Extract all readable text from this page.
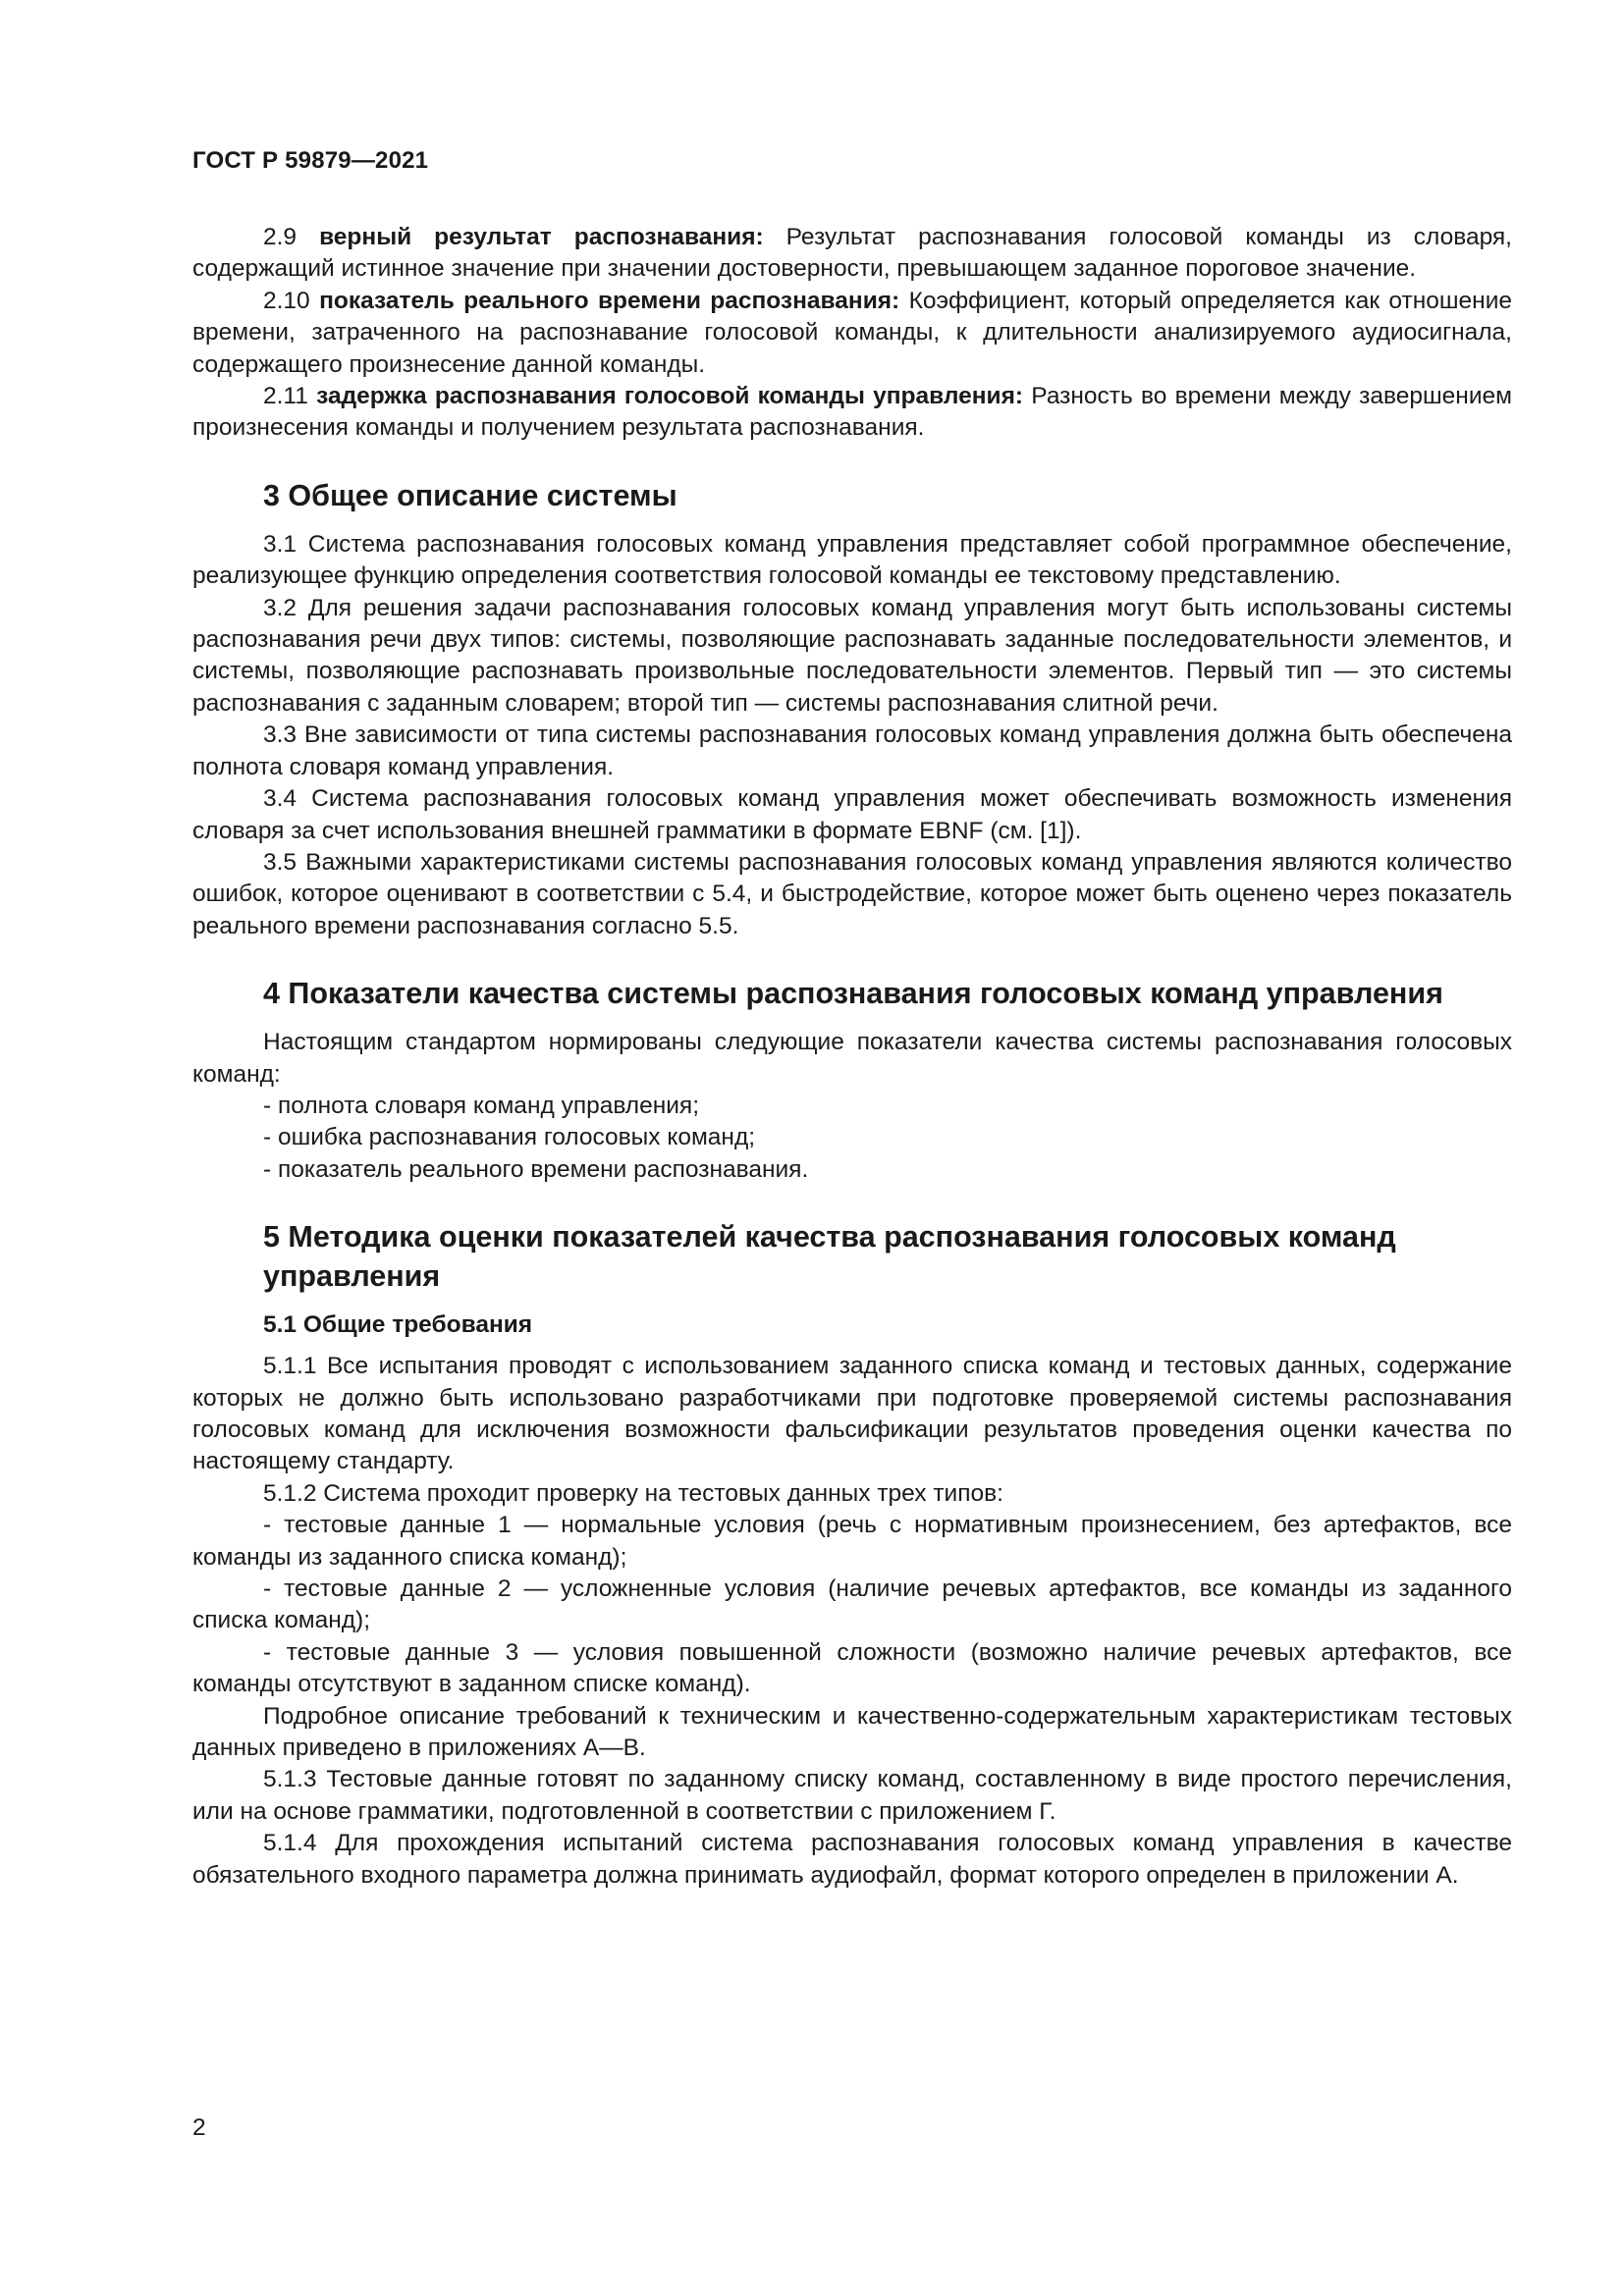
ГОСТ Р 59879—2021

2.9 верный результат распознавания: Результат распознавания голосовой команды из словаря, содержащий истинное значение при значении достоверности, превышающем заданное пороговое значение.

2.10 показатель реального времени распознавания: Коэффициент, который определяется как отношение времени, затраченного на распознавание голосовой команды, к длительности анализируемого аудиосигнала, содержащего произнесение данной команды.

2.11 задержка распознавания голосовой команды управления: Разность во времени между завершением произнесения команды и получением результата распознавания.

3 Общее описание системы

3.1 Система распознавания голосовых команд управления представляет собой программное обеспечение, реализующее функцию определения соответствия голосовой команды ее текстовому представлению.

3.2 Для решения задачи распознавания голосовых команд управления могут быть использованы системы распознавания речи двух типов: системы, позволяющие распознавать заданные последовательности элементов, и системы, позволяющие распознавать произвольные последовательности элементов. Первый тип — это системы распознавания с заданным словарем; второй тип — системы распознавания слитной речи.

3.3 Вне зависимости от типа системы распознавания голосовых команд управления должна быть обеспечена полнота словаря команд управления.

3.4 Система распознавания голосовых команд управления может обеспечивать возможность изменения словаря за счет использования внешней грамматики в формате EBNF (см. [1]).

3.5 Важными характеристиками системы распознавания голосовых команд управления являются количество ошибок, которое оценивают в соответствии с 5.4, и быстродействие, которое может быть оценено через показатель реального времени распознавания согласно 5.5.

4 Показатели качества системы распознавания голосовых команд управления

Настоящим стандартом нормированы следующие показатели качества системы распознавания голосовых команд:

- полнота словаря команд управления;

- ошибка распознавания голосовых команд;

- показатель реального времени распознавания.

5 Методика оценки показателей качества распознавания голосовых команд управления
5.1 Общие требования

5.1.1 Все испытания проводят с использованием заданного списка команд и тестовых данных, содержание которых не должно быть использовано разработчиками при подготовке проверяемой системы распознавания голосовых команд для исключения возможности фальсификации результатов проведения оценки качества по настоящему стандарту.

5.1.2 Система проходит проверку на тестовых данных трех типов:

- тестовые данные 1 — нормальные условия (речь с нормативным произнесением, без артефактов, все команды из заданного списка команд);

- тестовые данные 2 — усложненные условия (наличие речевых артефактов, все команды из заданного списка команд);

- тестовые данные 3 — условия повышенной сложности (возможно наличие речевых артефактов, все команды отсутствуют в заданном списке команд).

Подробное описание требований к техническим и качественно-содержательным характеристикам тестовых данных приведено в приложениях А—В.

5.1.3 Тестовые данные готовят по заданному списку команд, составленному в виде простого перечисления, или на основе грамматики, подготовленной в соответствии с приложением Г.

5.1.4 Для прохождения испытаний система распознавания голосовых команд управления в качестве обязательного входного параметра должна принимать аудиофайл, формат которого определен в приложении А.

2
